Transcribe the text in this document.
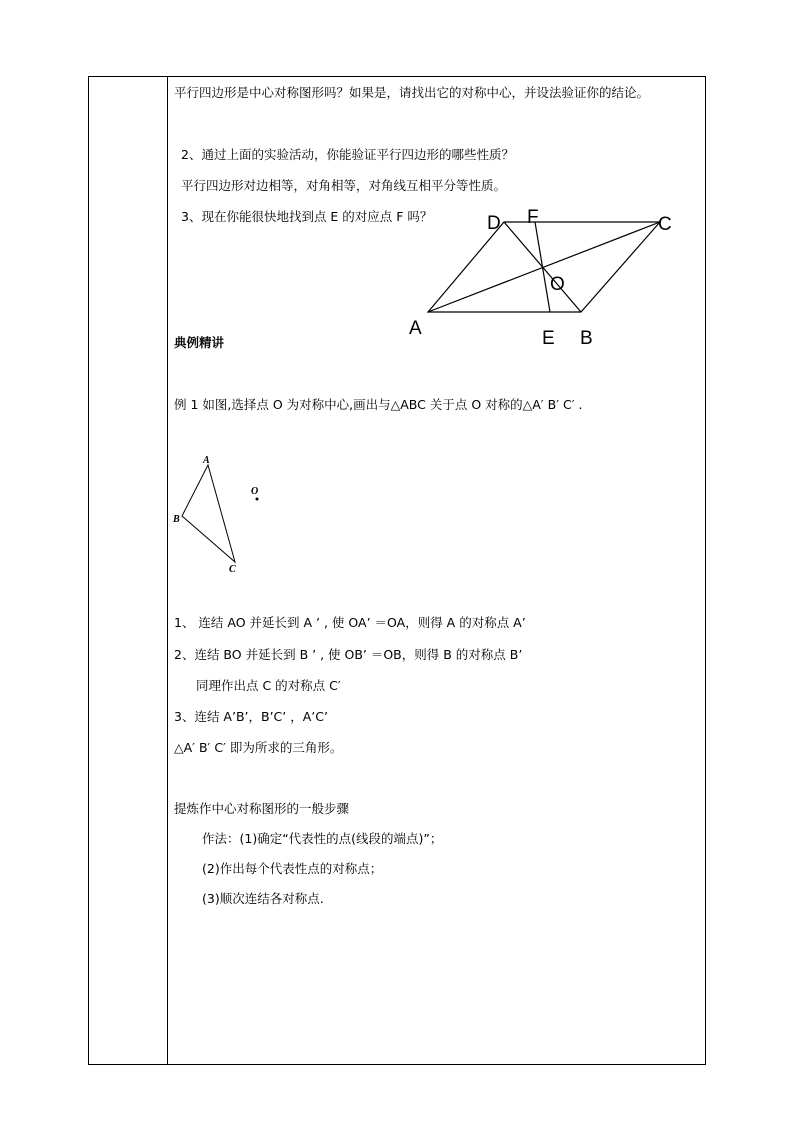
平行四边形是中心对称图形吗？如果是，请找出它的对称中心，并设法验证你的结论。
2、通过上面的实验活动，你能验证平行四边形的哪些性质？
平行四边形对边相等，对角相等，对角线互相平分等性质。
3、现在你能很快地找到点 E 的对应点 F 吗？	D F	C
O
A	E B
典例精讲
例 1 如图,选择点 O 为对称中心,画出与△ABC 关于点 O 对称的△A′ B′ C′ .
A
B
C
O
1、 连结 AO 并延长到 A ’ , 使 OA’ ＝OA，则得 A 的对称点 A’
2、连结 BO 并延长到 B ’ , 使 OB’ ＝OB，则得 B 的对称点 B’
同理作出点 C 的对称点 C′
3、连结 A’B’，B’C’ ，A’C’
△A′ B′ C′ 即为所求的三角形。
提炼作中心对称图形的一般步骤
作法：(1)确定“代表性的点(线段的端点)”；
(2)作出每个代表性点的对称点；
(3)顺次连结各对称点.
